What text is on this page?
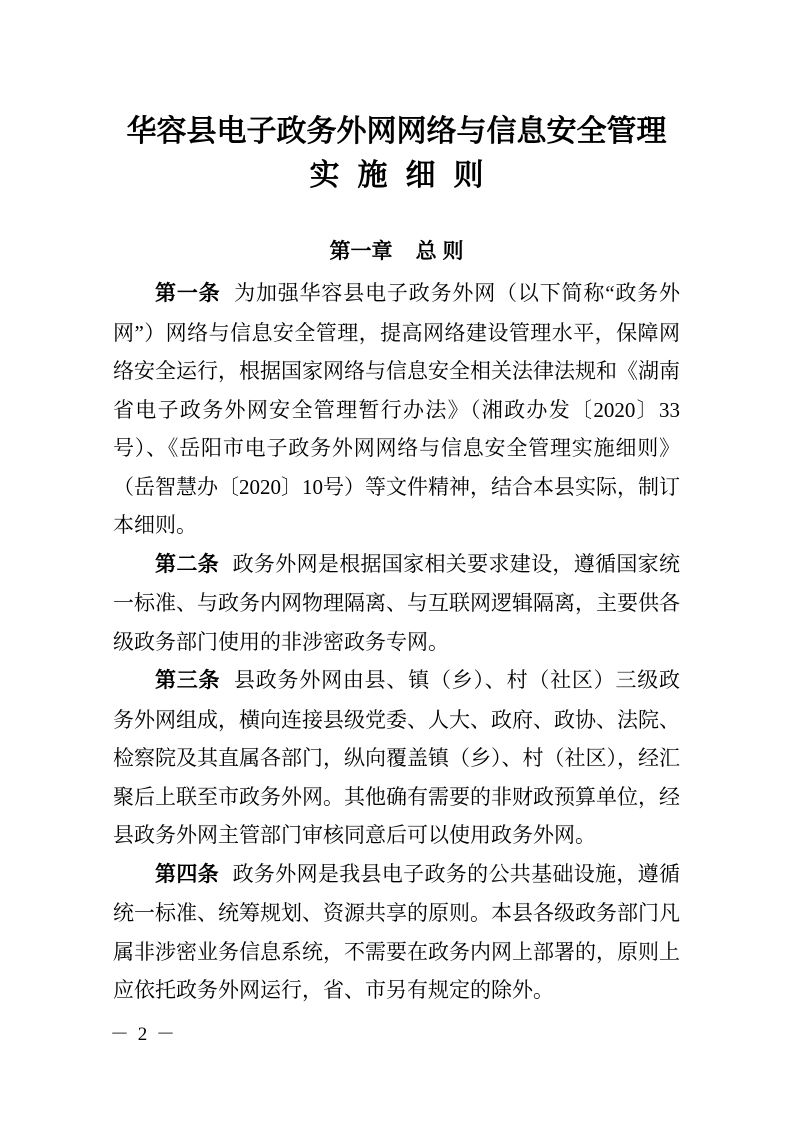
华容县电子政务外网网络与信息安全管理
实施细则
第一章 总 则

第一条 为加强华容县电子政务外网（以下简称“政务外网”）网络与信息安全管理，提高网络建设管理水平，保障网络安全运行，根据国家网络与信息安全相关法律法规和《湖南省电子政务外网安全管理暂行办法》（湘政办发〔2020〕33号）、《岳阳市电子政务外网网络与信息安全管理实施细则》（岳智慧办〔2020〕10号）等文件精神，结合本县实际，制订本细则。

第二条 政务外网是根据国家相关要求建设，遵循国家统一标准、与政务内网物理隔离、与互联网逻辑隔离，主要供各级政务部门使用的非涉密政务专网。

第三条 县政务外网由县、镇（乡）、村（社区）三级政务外网组成，横向连接县级党委、人大、政府、政协、法院、检察院及其直属各部门，纵向覆盖镇（乡）、村（社区），经汇聚后上联至市政务外网。其他确有需要的非财政预算单位，经县政务外网主管部门审核同意后可以使用政务外网。

第四条 政务外网是我县电子政务的公共基础设施，遵循统一标准、统筹规划、资源共享的原则。本县各级政务部门凡属非涉密业务信息系统，不需要在政务内网上部署的，原则上应依托政务外网运行，省、市另有规定的除外。

－ 2 －
